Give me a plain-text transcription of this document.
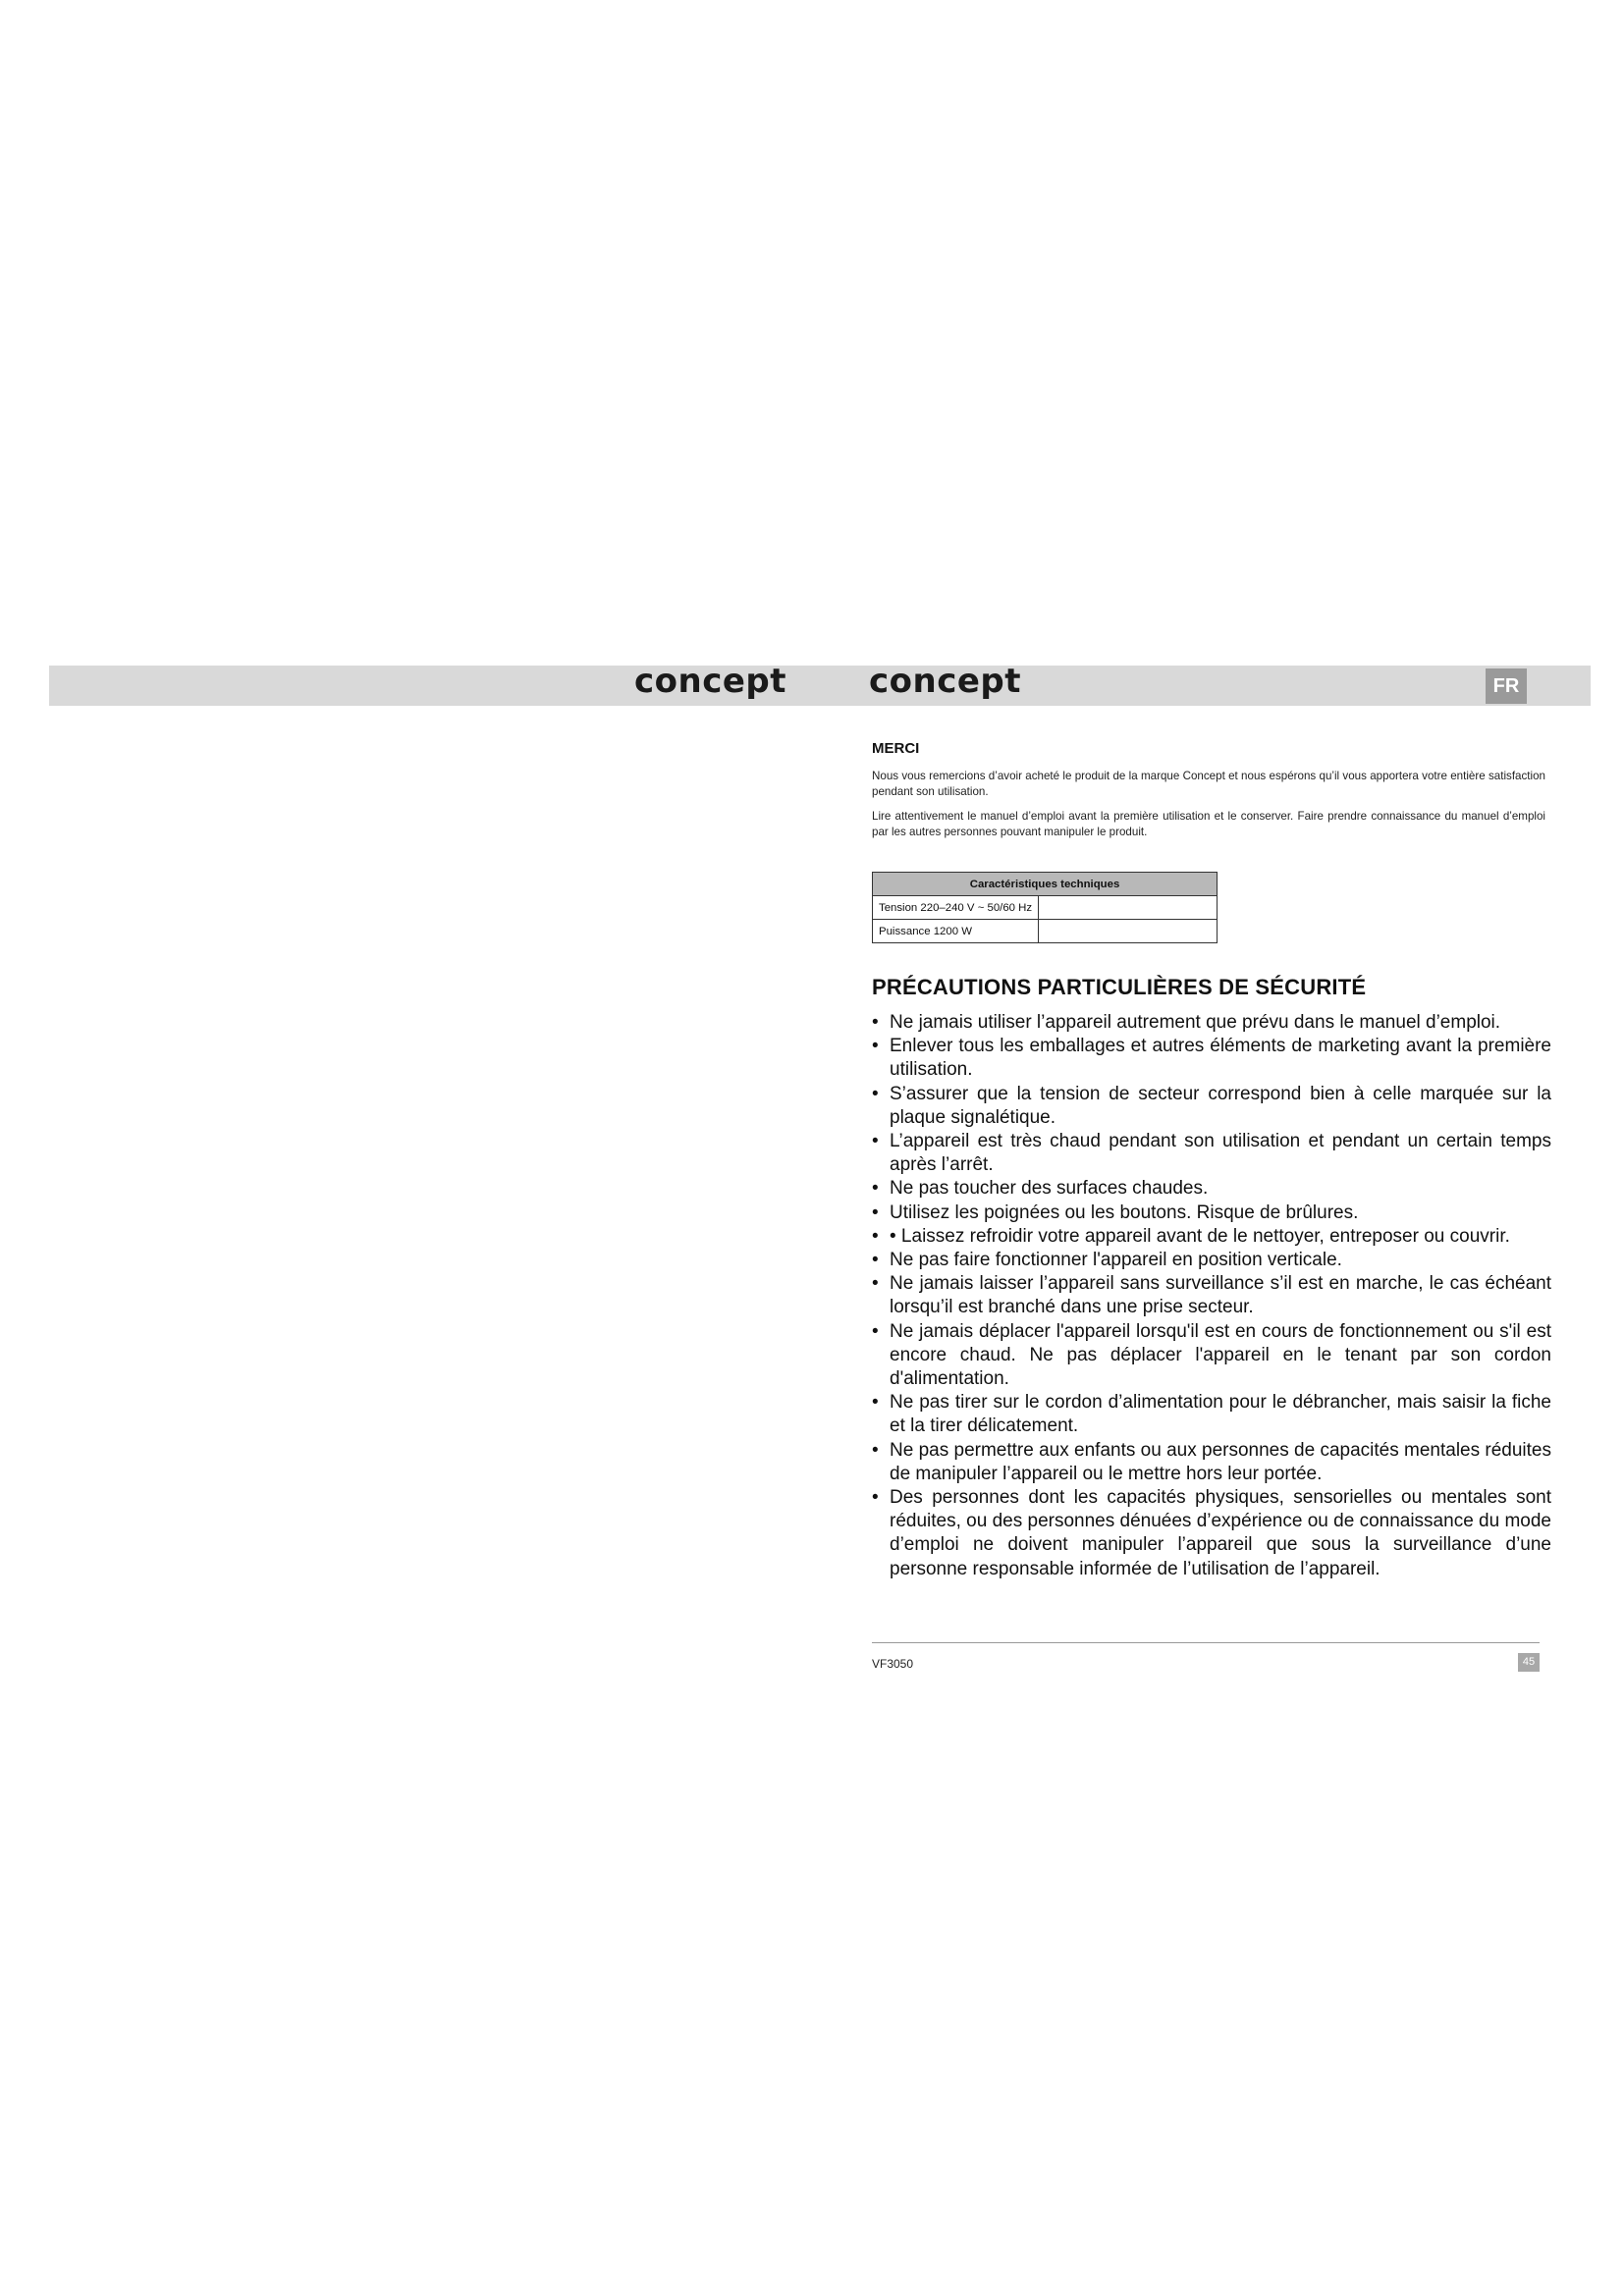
concept concept	FR
MERCI

Nous vous remercions d’avoir acheté le produit de la marque Concept et nous espérons qu’il vous apportera votre entière satisfaction pendant son utilisation.

Lire attentivement le manuel d’emploi avant la première utilisation et le conserver. Faire prendre connaissance du manuel d’emploi par les autres personnes pouvant manipuler le produit.

Caractéristiques techniques	
Tension 220–240 V ~ 50/60 Hz	
Puissance 1200 W	
PRÉCAUTIONS PARTICULIÈRES DE SÉCURITÉ
• Ne jamais utiliser l’appareil autrement que prévu dans le manuel d’emploi.
• Enlever tous les emballages et autres éléments de marketing avant la première utilisation.
• S’assurer que la tension de secteur correspond bien à celle marquée sur la plaque signalétique.
• L’appareil est très chaud pendant son utilisation et pendant un certain temps après l’arrêt.
• Ne pas toucher des surfaces chaudes.
• Utilisez les poignées ou les boutons. Risque de brûlures.
• • Laissez refroidir votre appareil avant de le nettoyer, entreposer ou couvrir.
• Ne pas faire fonctionner l'appareil en position verticale.
• Ne jamais laisser l’appareil sans surveillance s’il est en marche, le cas échéant lorsqu’il est branché dans une prise secteur.
• Ne jamais déplacer l'appareil lorsqu'il est en cours de fonctionnement ou s'il est encore chaud. Ne pas déplacer l'appareil en le tenant par son cordon d'alimentation.
• Ne pas tirer sur le cordon d’alimentation pour le débrancher, mais saisir la fiche et la tirer délicatement.
• Ne pas permettre aux enfants ou aux personnes de capacités mentales réduites de manipuler l’appareil ou le mettre hors leur portée.
• Des personnes dont les capacités physiques, sensorielles ou mentales sont réduites, ou des personnes dénuées d’expérience ou de connaissance du mode d’emploi ne doivent manipuler l’appareil que sous la surveillance d’une personne responsable informée de l’utilisation de l’appareil.
VF3050	45
